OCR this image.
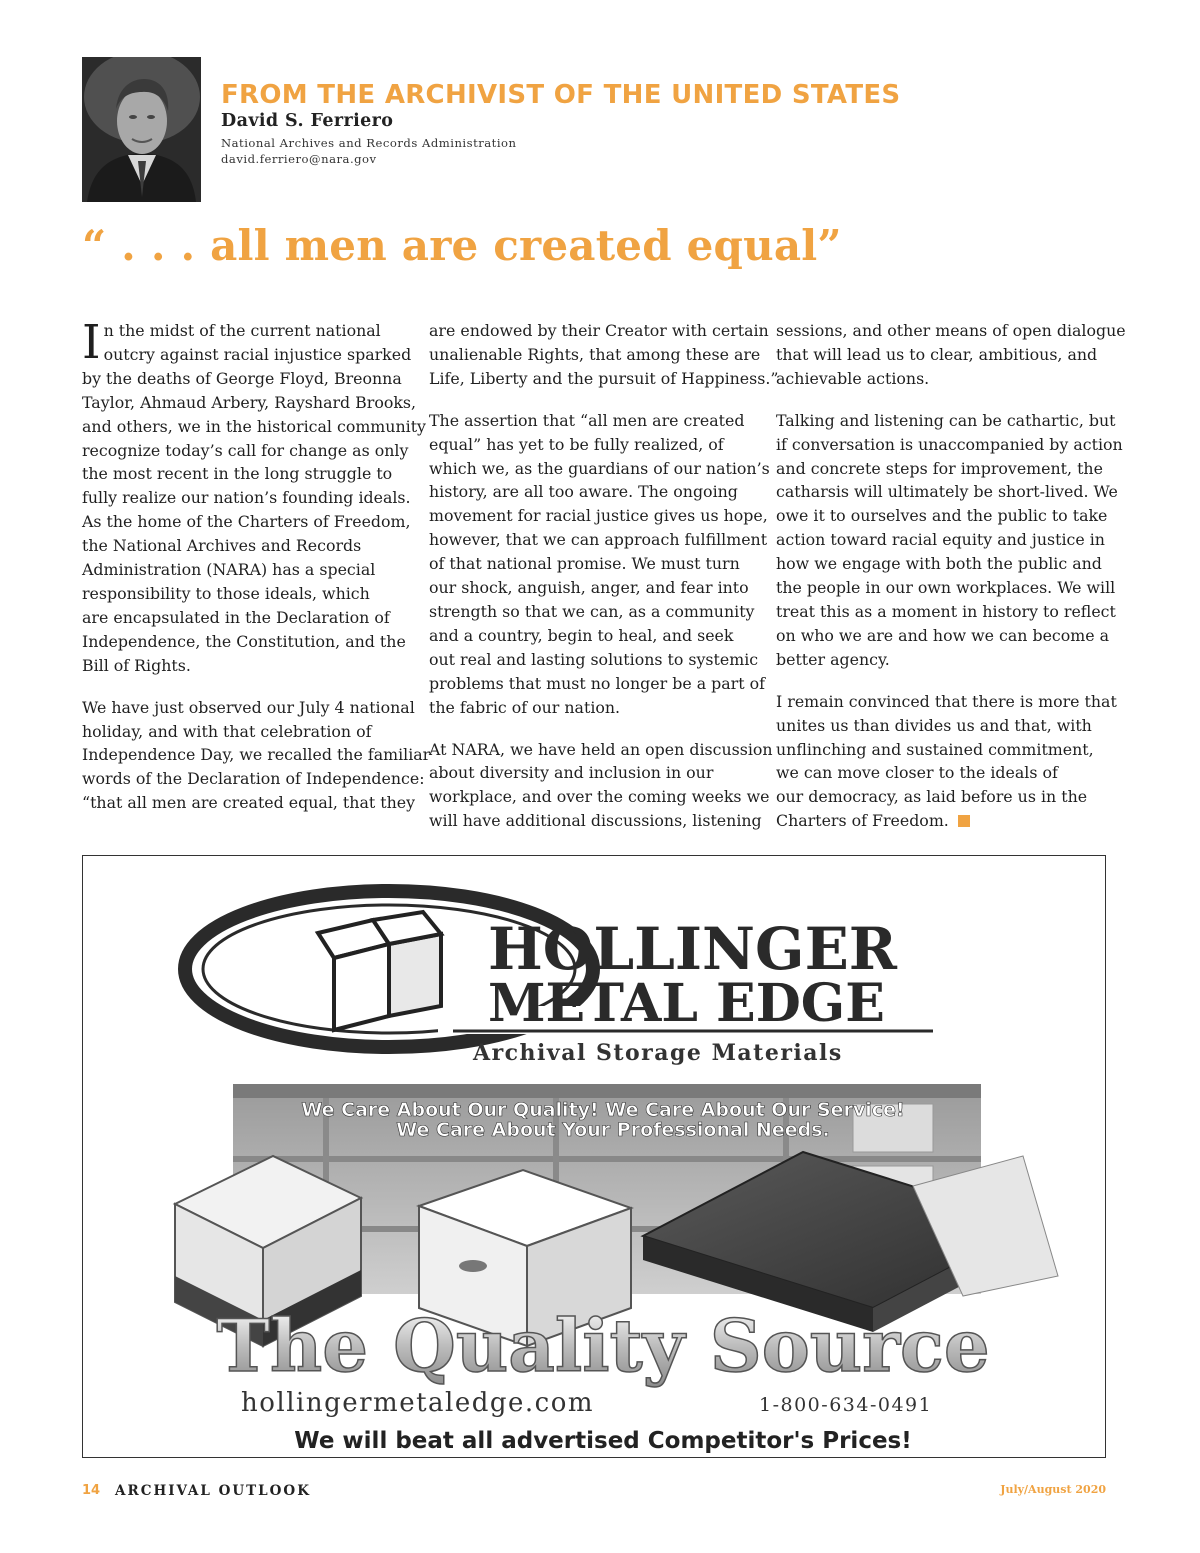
FROM THE ARCHIVIST OF THE UNITED STATES
David S. Ferriero
National Archives and Records Administration
david.ferriero@nara.gov
“ . . . all men are created equal”

I n the midst of the current national
outcry against racial injustice sparked
by the deaths of George Floyd, Breonna
Taylor, Ahmaud Arbery, Rayshard Brooks,
and others, we in the historical community
recognize today’s call for change as only
the most recent in the long struggle to
fully realize our nation’s founding ideals.
As the home of the Charters of Freedom,
the National Archives and Records
Administration (NARA) has a special
responsibility to those ideals, which
are encapsulated in the Declaration of
Independence, the Constitution, and the
Bill of Rights.

We have just observed our July 4 national
holiday, and with that celebration of
Independence Day, we recalled the familiar
words of the Declaration of Independence:
“that all men are created equal, that they

are endowed by their Creator with certain
unalienable Rights, that among these are
Life, Liberty and the pursuit of Happiness.”

The assertion that “all men are created
equal” has yet to be fully realized, of
which we, as the guardians of our nation’s
history, are all too aware. The ongoing
movement for racial justice gives us hope,
however, that we can approach fulfillment
of that national promise. We must turn
our shock, anguish, anger, and fear into
strength so that we can, as a community
and a country, begin to heal, and seek
out real and lasting solutions to systemic
problems that must no longer be a part of
the fabric of our nation.

At NARA, we have held an open discussion
about diversity and inclusion in our
workplace, and over the coming weeks we
will have additional discussions, listening

sessions, and other means of open dialogue
that will lead us to clear, ambitious, and
achievable actions.

Talking and listening can be cathartic, but
if conversation is unaccompanied by action
and concrete steps for improvement, the
catharsis will ultimately be short-lived. We
owe it to ourselves and the public to take
action toward racial equity and justice in
how we engage with both the public and
the people in our own workplaces. We will
treat this as a moment in history to reflect
on who we are and how we can become a
better agency.

I remain convinced that there is more that
unites us than divides us and that, with
unflinching and sustained commitment,
we can move closer to the ideals of
our democracy, as laid before us in the
Charters of Freedom.

HOLLINGER
METAL EDGE
Archival Storage Materials
We Care About Our Quality! We Care About Our Service!
We Care About Your Professional Needs.
The Quality Source
hollingermetaledge.com	1-800-634-0491
We will beat all advertised Competitor's Prices!
14 ARCHIVAL OUTLOOK	July/August 2020
